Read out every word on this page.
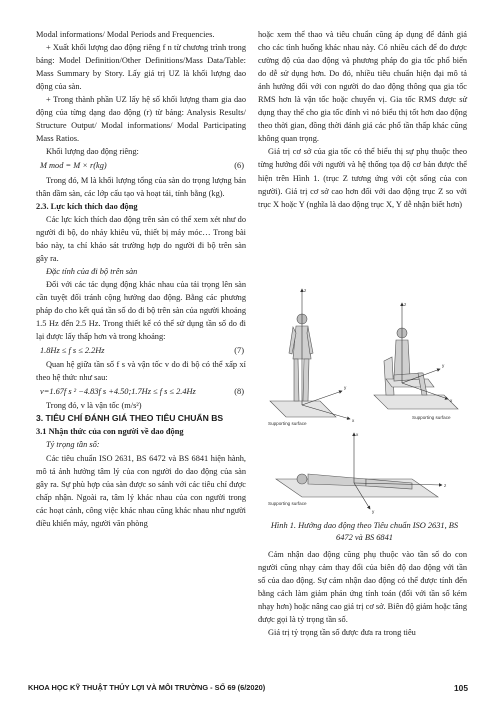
Modal informations/ Modal Periods and Frequencies.

+ Xuất khối lượng dao động riêng f n từ chương trình trong bảng: Model Definition/Other Definitions/Mass Data/Table: Mass Summary by Story. Lấy giá trị UZ là khối lượng dao động của sàn.

+ Trong thành phần UZ lấy hệ số khối lượng tham gia dao động của từng dạng dao động (r) từ bảng: Analysis Results/ Structure Output/ Modal informations/ Modal Participating Mass Ratios.

Khối lượng dao động riêng:

M mod = M × r(kg)	(6)

Trong đó, M là khối lượng tổng của sàn do trọng lượng bản thân dầm sàn, các lớp cấu tạo và hoạt tải, tính bằng (kg).

2.3. Lực kích thích dao động

Các lực kích thích dao động trên sàn có thể xem xét như do người đi bộ, do nhảy khiêu vũ, thiết bị máy móc… Trong bài báo này, ta chỉ khảo sát trường hợp do người đi bộ trên sàn gây ra.

Đặc tính của đi bộ trên sàn

Đối với các tác dụng động khác nhau của tải trọng lên sàn cần tuyệt đối tránh cộng hưởng dao động. Bằng các phương pháp đo cho kết quả tần số do đi bộ trên sàn của người khoảng 1.5 Hz đến 2.5 Hz. Trong thiết kế có thể sử dụng tần số do đi lại được lấy thấp hơn và trong khoảng:

1.8Hz ≤ f s ≤ 2.2Hz	(7)

Quan hệ giữa tần số f s và vận tốc v do đi bộ có thể xấp xỉ theo hệ thức như sau:

v=1.67f s ² −4.83f s +4.50;1.7Hz ≤ f s ≤ 2.4Hz	(8)

Trong đó, v là vận tốc (m/s²)

3. TIÊU CHÍ ĐÁNH GIÁ THEO TIÊU CHUẨN BS

3.1 Nhận thức của con người về dao động

Tỷ trọng tần số:

Các tiêu chuẩn ISO 2631, BS 6472 và BS 6841 hiện hành, mô tả ảnh hưởng tâm lý của con người do dao động của sàn gây ra. Sự phù hợp của sàn được so sánh với các tiêu chí được chấp nhận. Ngoài ra, tâm lý khác nhau của con người trong các hoạt cảnh, công việc khác nhau cũng khác nhau như người điều khiển máy, người văn phòng

hoặc xem thể thao và tiêu chuẩn cũng áp dụng để đánh giá cho các tình huống khác nhau này. Có nhiều cách để đo được cường độ của dao động và phương pháp đo gia tốc phổ biến do dễ sử dụng hơn. Do đó, nhiều tiêu chuẩn hiện đại mô tả ảnh hưởng đối với con người do dao động thông qua gia tốc RMS hơn là vận tốc hoặc chuyển vị. Gia tốc RMS được sử dụng thay thế cho gia tốc đỉnh vì nó biểu thị tốt hơn dao động theo thời gian, đồng thời đánh giá các phổ tần thấp khác cũng không quan trọng.

Giá trị cơ sở của gia tốc có thể biểu thị sự phụ thuộc theo từng hướng đối với người và hệ thống tọa độ cơ bản được thể hiện trên Hình 1. (trục Z tương ứng với cột sống của con người). Giá trị cơ sở cao hơn đối với dao động trục Z so với trục X hoặc Y (nghĩa là dao động trục X, Y dễ nhận biết hơn)

z
x
y
Supporting surface
z
x
y
Supporting surface
x
z
y
Supporting surface
Hình 1. Hướng dao động theo Tiêu chuẩn ISO 2631, BS 6472 và BS 6841

Cảm nhận dao động cũng phụ thuộc vào tần số do con người cũng nhạy cảm thay đổi của biên độ dao động với tần số của dao động. Sự cảm nhận dao động có thể được tính đến bằng cách làm giảm phản ứng tính toán (đối với tần số kém nhạy hơn) hoặc nâng cao giá trị cơ sở. Biên độ giảm hoặc tăng được gọi là tỷ trọng tần số.

Giá trị tỷ trọng tần số được đưa ra trong tiêu

KHOA HỌC KỸ THUẬT THỦY LỢI VÀ MÔI TRƯỜNG - SỐ 69 (6/2020)	105
